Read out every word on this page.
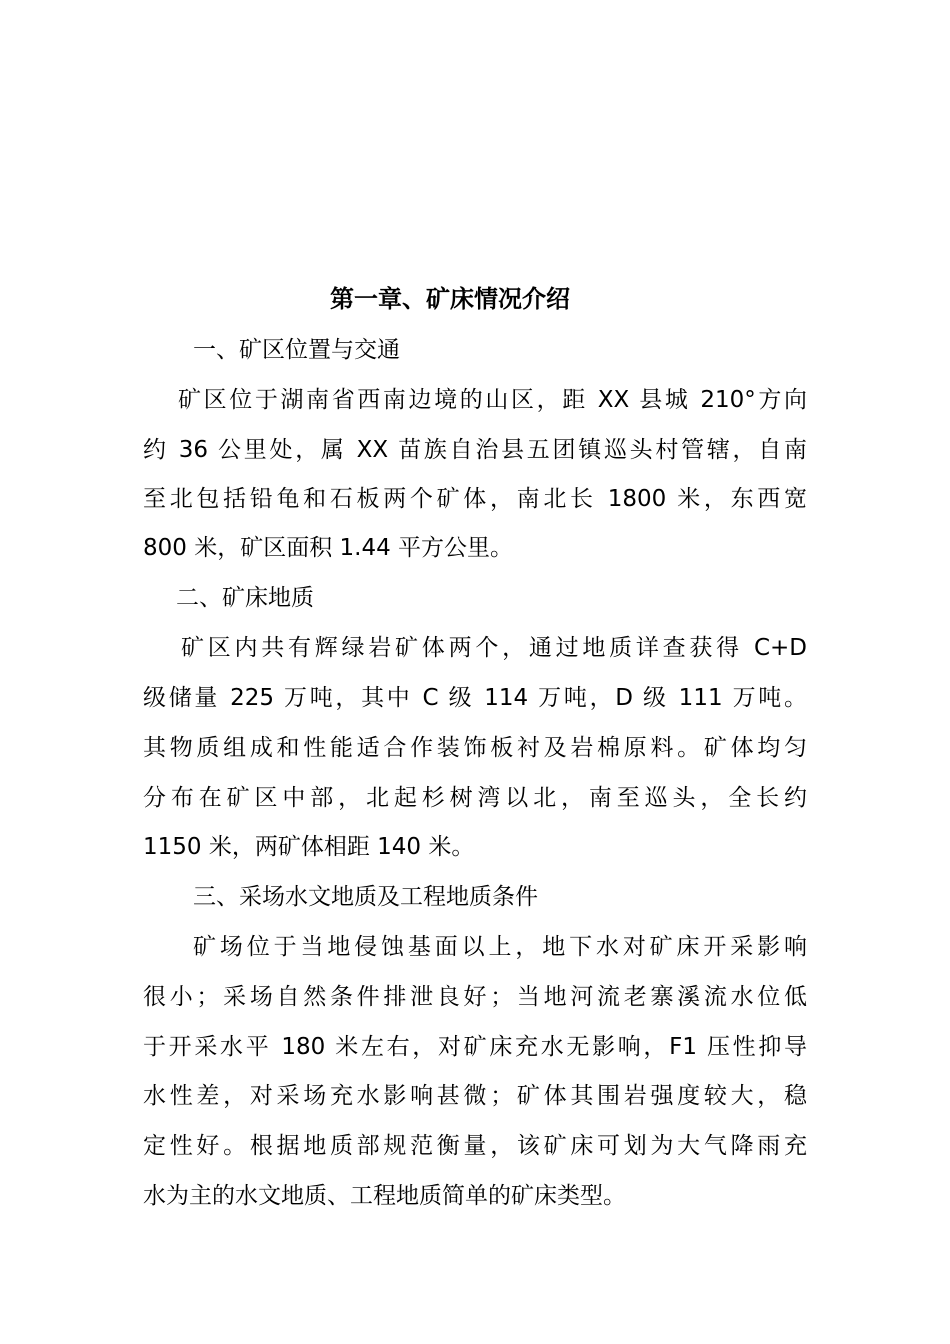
第一章、矿床情况介绍
一、矿区位置与交通
矿区位于湖南省西南边境的山区，距 XX 县城 210°方向
约 36 公里处，属 XX 苗族自治县五团镇巡头村管辖，自南
至北包括铅龟和石板两个矿体，南北长 1800 米，东西宽
800 米，矿区面积 1.44 平方公里。
二、矿床地质
矿区内共有辉绿岩矿体两个，通过地质详查获得 C+D
级储量 225 万吨，其中 C 级 114 万吨，D 级 111 万吨。
其物质组成和性能适合作装饰板衬及岩棉原料。矿体均匀
分布在矿区中部，北起杉树湾以北，南至巡头，全长约
1150 米，两矿体相距 140 米。
三、采场水文地质及工程地质条件
矿场位于当地侵蚀基面以上，地下水对矿床开采影响
很小；采场自然条件排泄良好；当地河流老寨溪流水位低
于开采水平 180 米左右，对矿床充水无影响，F1 压性抑导
水性差，对采场充水影响甚微；矿体其围岩强度较大，稳
定性好。根据地质部规范衡量，该矿床可划为大气降雨充
水为主的水文地质、工程地质简单的矿床类型。
